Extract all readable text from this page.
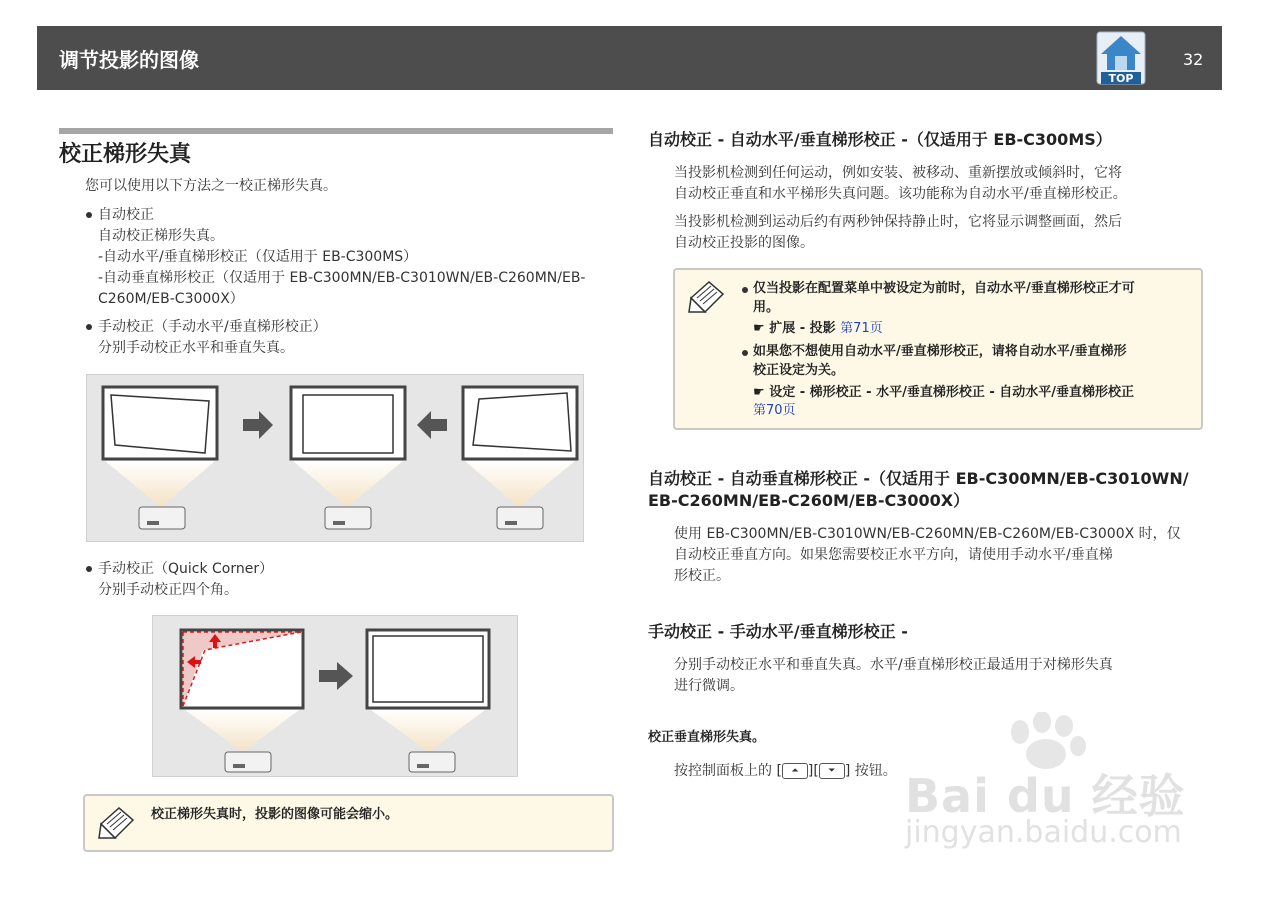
调节投影的图像
TOP
32
校正梯形失真
您可以使用以下方法之一校正梯形失真。
自动校正
自动校正梯形失真。
-自动水平/垂直梯形校正（仅适用于 EB-C300MS）
-自动垂直梯形校正（仅适用于 EB-C300MN/EB-C3010WN/EB-C260MN/EB-
C260M/EB-C3000X）
手动校正（手动水平/垂直梯形校正）
分别手动校正水平和垂直失真。
手动校正（Quick Corner）
分别手动校正四个角。
校正梯形失真时，投影的图像可能会缩小。
自动校正 - 自动水平/垂直梯形校正 -（仅适用于 EB-C300MS）
当投影机检测到任何运动，例如安装、被移动、重新摆放或倾斜时，它将
自动校正垂直和水平梯形失真问题。该功能称为自动水平/垂直梯形校正。
当投影机检测到运动后约有两秒钟保持静止时，它将显示调整画面，然后
自动校正投影的图像。
仅当投影在配置菜单中被设定为前时，自动水平/垂直梯形校正才可
用。
☛ 扩展 - 投影 第71页
如果您不想使用自动水平/垂直梯形校正，请将自动水平/垂直梯形
校正设定为关。
☛ 设定 - 梯形校正 - 水平/垂直梯形校正 - 自动水平/垂直梯形校正
第70页
自动校正 - 自动垂直梯形校正 -（仅适用于 EB-C300MN/EB-C3010WN/
EB-C260MN/EB-C260M/EB-C3000X）
使用 EB-C300MN/EB-C3010WN/EB-C260MN/EB-C260M/EB-C3000X 时，仅
自动校正垂直方向。如果您需要校正水平方向，请使用手动水平/垂直梯
形校正。
手动校正 - 手动水平/垂直梯形校正 -
分别手动校正水平和垂直失真。水平/垂直梯形校正最适用于对梯形失真
进行微调。
校正垂直梯形失真。
按控制面板上的 [ ⏶ ][ ⏷ ] 按钮。 Bai du 经验
jingyan.baidu.com
